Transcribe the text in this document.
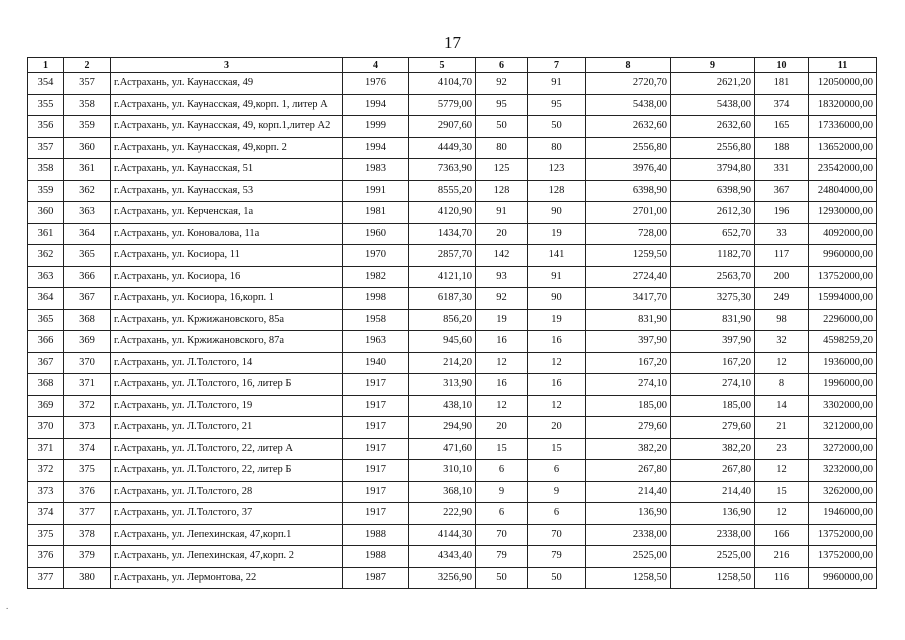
17
1	2	3	4	5	6	7	8	9	10	11
354	357	г.Астрахань, ул. Каунасская, 49	1976	4104,70	92	91	2720,70	2621,20	181	12050000,00
355	358	г.Астрахань, ул. Каунасская, 49,корп. 1, литер А	1994	5779,00	95	95	5438,00	5438,00	374	18320000,00
356	359	г.Астрахань, ул. Каунасская, 49, корп.1,литер А2	1999	2907,60	50	50	2632,60	2632,60	165	17336000,00
357	360	г.Астрахань, ул. Каунасская, 49,корп. 2	1994	4449,30	80	80	2556,80	2556,80	188	13652000,00
358	361	г.Астрахань, ул. Каунасская, 51	1983	7363,90	125	123	3976,40	3794,80	331	23542000,00
359	362	г.Астрахань, ул. Каунасская, 53	1991	8555,20	128	128	6398,90	6398,90	367	24804000,00
360	363	г.Астрахань, ул. Керченская, 1а	1981	4120,90	91	90	2701,00	2612,30	196	12930000,00
361	364	г.Астрахань, ул. Коновалова, 11а	1960	1434,70	20	19	728,00	652,70	33	4092000,00
362	365	г.Астрахань, ул. Косиора, 11	1970	2857,70	142	141	1259,50	1182,70	117	9960000,00
363	366	г.Астрахань, ул. Косиора, 16	1982	4121,10	93	91	2724,40	2563,70	200	13752000,00
364	367	г.Астрахань, ул. Косиора, 16,корп. 1	1998	6187,30	92	90	3417,70	3275,30	249	15994000,00
365	368	г.Астрахань, ул. Кржижановского, 85а	1958	856,20	19	19	831,90	831,90	98	2296000,00
366	369	г.Астрахань, ул. Кржижановского, 87а	1963	945,60	16	16	397,90	397,90	32	4598259,20
367	370	г.Астрахань, ул. Л.Толстого, 14	1940	214,20	12	12	167,20	167,20	12	1936000,00
368	371	г.Астрахань, ул. Л.Толстого, 16, литер Б	1917	313,90	16	16	274,10	274,10	8	1996000,00
369	372	г.Астрахань, ул. Л.Толстого, 19	1917	438,10	12	12	185,00	185,00	14	3302000,00
370	373	г.Астрахань, ул. Л.Толстого, 21	1917	294,90	20	20	279,60	279,60	21	3212000,00
371	374	г.Астрахань, ул. Л.Толстого, 22, литер А	1917	471,60	15	15	382,20	382,20	23	3272000,00
372	375	г.Астрахань, ул. Л.Толстого, 22, литер Б	1917	310,10	6	6	267,80	267,80	12	3232000,00
373	376	г.Астрахань, ул. Л.Толстого, 28	1917	368,10	9	9	214,40	214,40	15	3262000,00
374	377	г.Астрахань, ул. Л.Толстого, 37	1917	222,90	6	6	136,90	136,90	12	1946000,00
375	378	г.Астрахань, ул. Лепехинская, 47,корп.1	1988	4144,30	70	70	2338,00	2338,00	166	13752000,00
376	379	г.Астрахань, ул. Лепехинская, 47,корп. 2	1988	4343,40	79	79	2525,00	2525,00	216	13752000,00
377	380	г.Астрахань, ул. Лермонтова, 22	1987	3256,90	50	50	1258,50	1258,50	116	9960000,00
.
